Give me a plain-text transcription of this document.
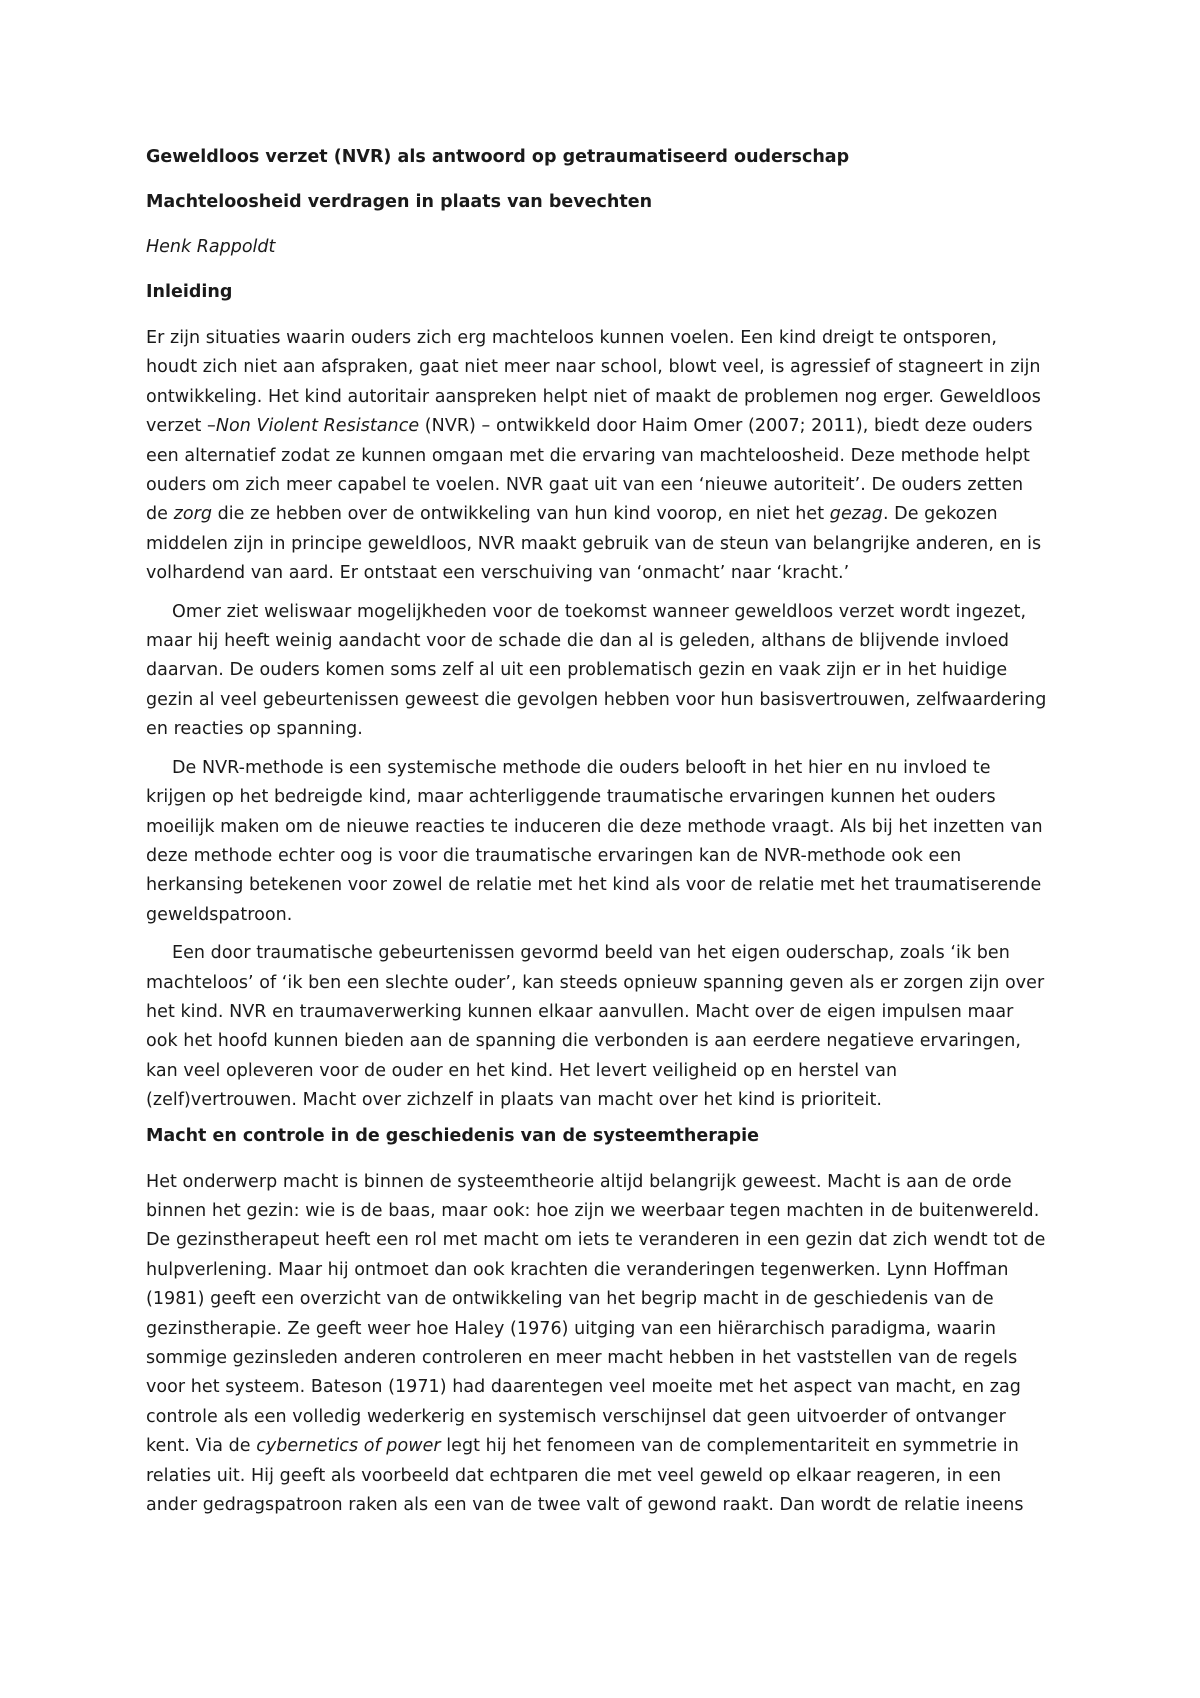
Geweldloos verzet (NVR) als antwoord op getraumatiseerd ouderschap
Machteloosheid verdragen in plaats van bevechten

Henk Rappoldt

Inleiding

Er zijn situaties waarin ouders zich erg machteloos kunnen voelen. Een kind dreigt te ontsporen,
houdt zich niet aan afspraken, gaat niet meer naar school, blowt veel, is agressief of stagneert in zijn
ontwikkeling. Het kind autoritair aanspreken helpt niet of maakt de problemen nog erger. Geweldloos
verzet –Non Violent Resistance (NVR) – ontwikkeld door Haim Omer (2007; 2011), biedt deze ouders
een alternatief zodat ze kunnen omgaan met die ervaring van machteloosheid. Deze methode helpt
ouders om zich meer capabel te voelen. NVR gaat uit van een ‘nieuwe autoriteit’. De ouders zetten
de zorg die ze hebben over de ontwikkeling van hun kind voorop, en niet het gezag. De gekozen
middelen zijn in principe geweldloos, NVR maakt gebruik van de steun van belangrijke anderen, en is
volhardend van aard. Er ontstaat een verschuiving van ‘onmacht’ naar ‘kracht.’

Omer ziet weliswaar mogelijkheden voor de toekomst wanneer geweldloos verzet wordt ingezet,
maar hij heeft weinig aandacht voor de schade die dan al is geleden, althans de blijvende invloed
daarvan. De ouders komen soms zelf al uit een problematisch gezin en vaak zijn er in het huidige
gezin al veel gebeurtenissen geweest die gevolgen hebben voor hun basisvertrouwen, zelfwaardering
en reacties op spanning.

De NVR-methode is een systemische methode die ouders belooft in het hier en nu invloed te
krijgen op het bedreigde kind, maar achterliggende traumatische ervaringen kunnen het ouders
moeilijk maken om de nieuwe reacties te induceren die deze methode vraagt. Als bij het inzetten van
deze methode echter oog is voor die traumatische ervaringen kan de NVR-methode ook een
herkansing betekenen voor zowel de relatie met het kind als voor de relatie met het traumatiserende
geweldspatroon.

Een door traumatische gebeurtenissen gevormd beeld van het eigen ouderschap, zoals ‘ik ben
machteloos’ of ‘ik ben een slechte ouder’, kan steeds opnieuw spanning geven als er zorgen zijn over
het kind. NVR en traumaverwerking kunnen elkaar aanvullen. Macht over de eigen impulsen maar
ook het hoofd kunnen bieden aan de spanning die verbonden is aan eerdere negatieve ervaringen,
kan veel opleveren voor de ouder en het kind. Het levert veiligheid op en herstel van
(zelf)vertrouwen. Macht over zichzelf in plaats van macht over het kind is prioriteit.

Macht en controle in de geschiedenis van de systeemtherapie

Het onderwerp macht is binnen de systeemtheorie altijd belangrijk geweest. Macht is aan de orde
binnen het gezin: wie is de baas, maar ook: hoe zijn we weerbaar tegen machten in de buitenwereld.
De gezinstherapeut heeft een rol met macht om iets te veranderen in een gezin dat zich wendt tot de
hulpverlening. Maar hij ontmoet dan ook krachten die veranderingen tegenwerken. Lynn Hoffman
(1981) geeft een overzicht van de ontwikkeling van het begrip macht in de geschiedenis van de
gezinstherapie. Ze geeft weer hoe Haley (1976) uitging van een hiërarchisch paradigma, waarin
sommige gezinsleden anderen controleren en meer macht hebben in het vaststellen van de regels
voor het systeem. Bateson (1971) had daarentegen veel moeite met het aspect van macht, en zag
controle als een volledig wederkerig en systemisch verschijnsel dat geen uitvoerder of ontvanger
kent. Via de cybernetics of power legt hij het fenomeen van de complementariteit en symmetrie in
relaties uit. Hij geeft als voorbeeld dat echtparen die met veel geweld op elkaar reageren, in een
ander gedragspatroon raken als een van de twee valt of gewond raakt. Dan wordt de relatie ineens
